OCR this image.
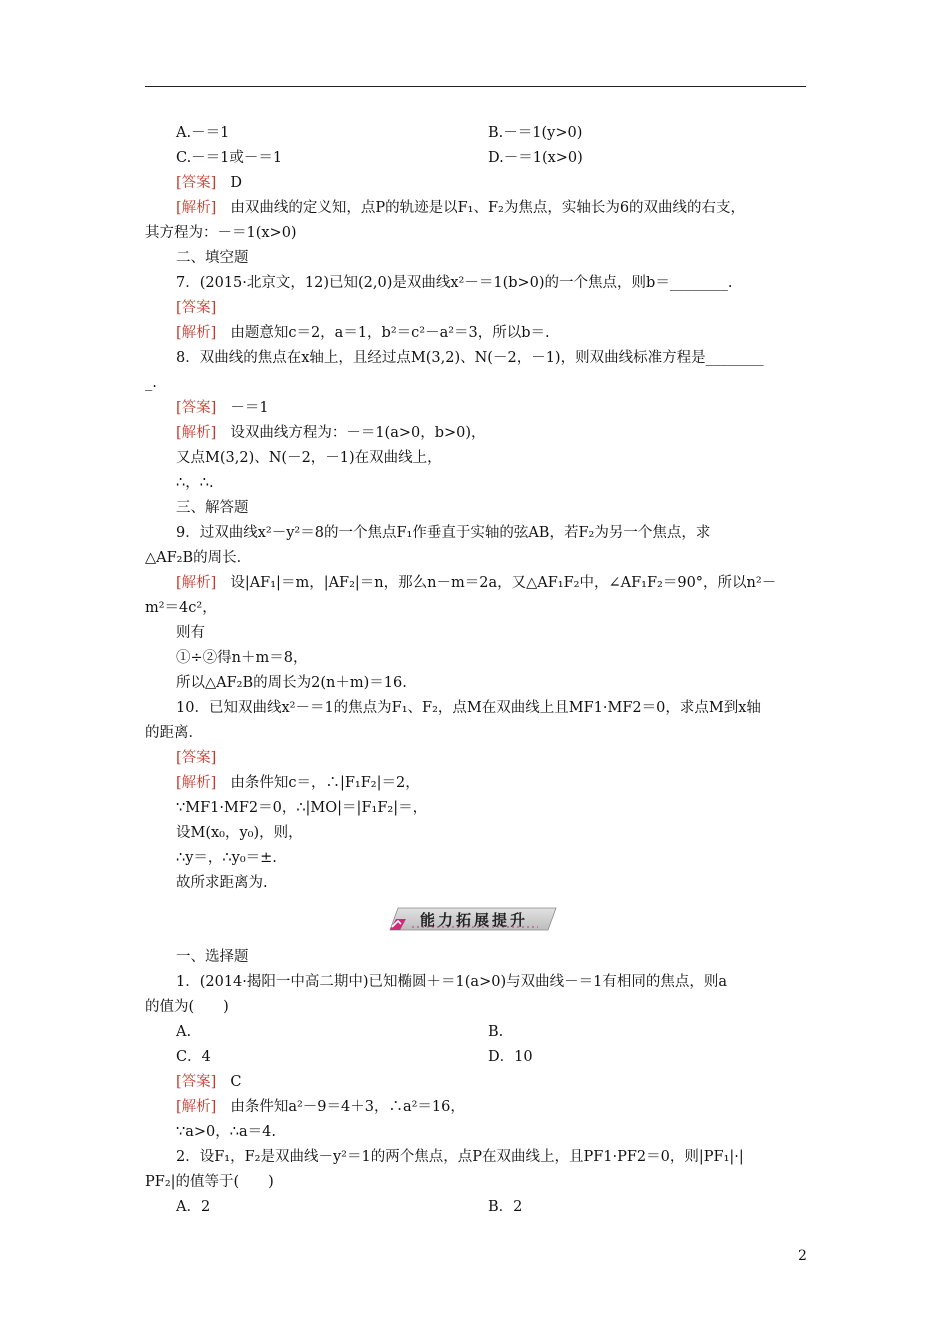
A.－＝1	B.－＝1(y>0)
C.－＝1或－＝1	D.－＝1(x>0)
[答案] D
[解析] 由双曲线的定义知，点P的轨迹是以F₁、F₂为焦点，实轴长为6的双曲线的右支，
其方程为：－＝1(x>0)
二、填空题
7．(2015·北京文，12)已知(2,0)是双曲线x²－＝1(b>0)的一个焦点，则b＝________.
[答案]
[解析] 由题意知c＝2，a＝1，b²＝c²－a²＝3，所以b＝.
8．双曲线的焦点在x轴上，且经过点M(3,2)、N(－2，－1)，则双曲线标准方程是________
_.
[答案] －＝1
[解析] 设双曲线方程为：－＝1(a>0，b>0)，
又点M(3,2)、N(－2，－1)在双曲线上，
∴，∴.
三、解答题
9．过双曲线x²－y²＝8的一个焦点F₁作垂直于实轴的弦AB，若F₂为另一个焦点，求
△AF₂B的周长．
[解析] 设|AF₁|＝m，|AF₂|＝n，那么n－m＝2a，又△AF₁F₂中，∠AF₁F₂＝90°，所以n²－
m²＝4c²，
则有
①÷②得n＋m＝8，
所以△AF₂B的周长为2(n＋m)＝16.
10．已知双曲线x²－＝1的焦点为F₁、F₂，点M在双曲线上且MF1·MF2＝0，求点M到x轴
的距离．
[答案]
[解析] 由条件知c＝，∴|F₁F₂|＝2，
∵MF1·MF2＝0，∴|MO|＝|F₁F₂|＝，
设M(x₀，y₀)，则，
∴y＝，∴y₀＝±.
故所求距离为.
能力拓展提升
一、选择题
1．(2014·揭阳一中高二期中)已知椭圆＋＝1(a>0)与双曲线－＝1有相同的焦点，则a
的值为(　　)
A.	B.
C．4	D．10
[答案] C
[解析] 由条件知a²－9＝4＋3，∴a²＝16，
∵a>0，∴a＝4.
2．设F₁，F₂是双曲线－y²＝1的两个焦点，点P在双曲线上，且PF1·PF2＝0，则|PF₁|·|
PF₂|的值等于(　　)
A．2	B．2
2
